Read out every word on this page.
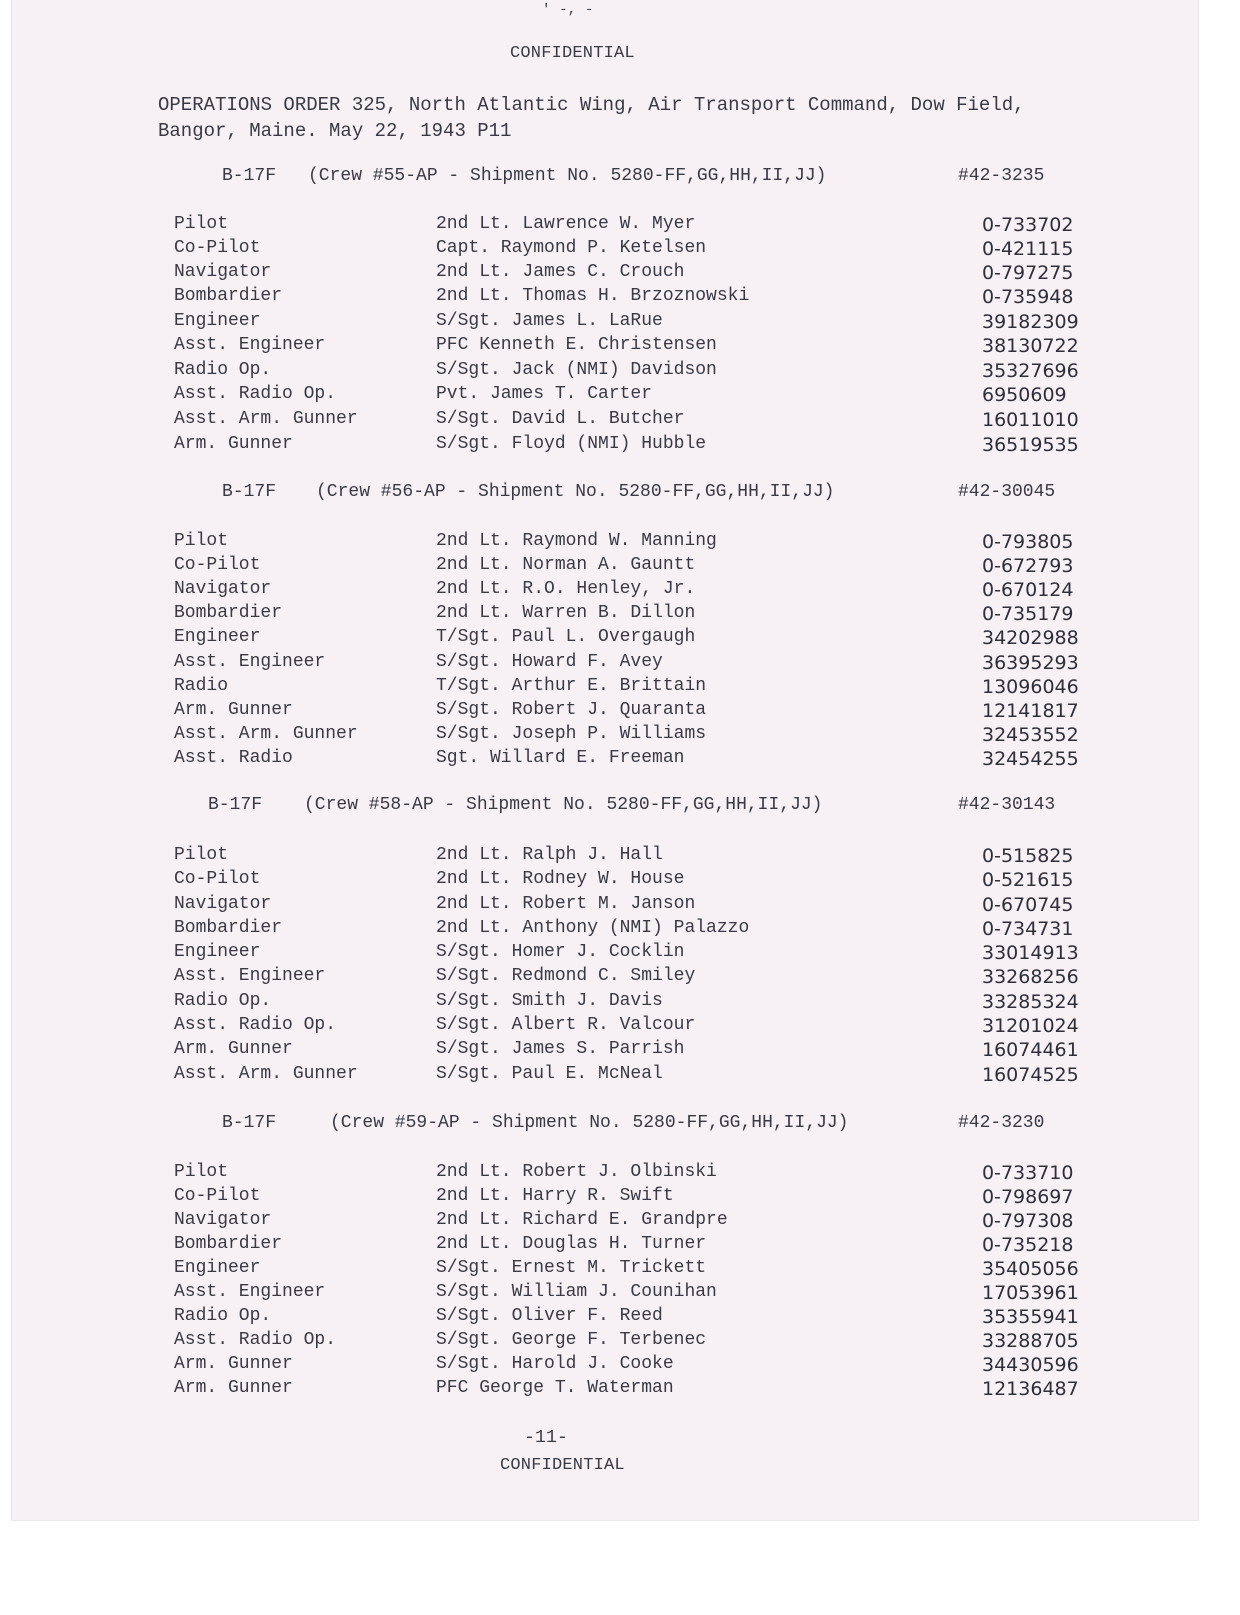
' -, -
CONFIDENTIAL
OPERATIONS ORDER 325, North Atlantic Wing, Air Transport Command, Dow Field,
Bangor, Maine. May 22, 1943 P11
B-17F (Crew #55-AP - Shipment No. 5280-FF,GG,HH,II,JJ)	#42-3235
Pilot	2nd Lt. Lawrence W. Myer	0-733702
Co-Pilot	Capt. Raymond P. Ketelsen	0-421115
Navigator	2nd Lt. James C. Crouch	0-797275
Bombardier	2nd Lt. Thomas H. Brzoznowski	0-735948
Engineer	S/Sgt. James L. LaRue	39182309
Asst. Engineer	PFC Kenneth E. Christensen	38130722
Radio Op.	S/Sgt. Jack (NMI) Davidson	35327696
Asst. Radio Op.	Pvt. James T. Carter	6950609
Asst. Arm. Gunner	S/Sgt. David L. Butcher	16011010
Arm. Gunner	S/Sgt. Floyd (NMI) Hubble	36519535
B-17F (Crew #56-AP - Shipment No. 5280-FF,GG,HH,II,JJ)	#42-30045
Pilot	2nd Lt. Raymond W. Manning	0-793805
Co-Pilot	2nd Lt. Norman A. Gauntt	0-672793
Navigator	2nd Lt. R.O. Henley, Jr.	0-670124
Bombardier	2nd Lt. Warren B. Dillon	0-735179
Engineer	T/Sgt. Paul L. Overgaugh	34202988
Asst. Engineer	S/Sgt. Howard F. Avey	36395293
Radio	T/Sgt. Arthur E. Brittain	13096046
Arm. Gunner	S/Sgt. Robert J. Quaranta	12141817
Asst. Arm. Gunner	S/Sgt. Joseph P. Williams	32453552
Asst. Radio	Sgt. Willard E. Freeman	32454255
B-17F (Crew #58-AP - Shipment No. 5280-FF,GG,HH,II,JJ)	#42-30143
Pilot	2nd Lt. Ralph J. Hall	0-515825
Co-Pilot	2nd Lt. Rodney W. House	0-521615
Navigator	2nd Lt. Robert M. Janson	0-670745
Bombardier	2nd Lt. Anthony (NMI) Palazzo	0-734731
Engineer	S/Sgt. Homer J. Cocklin	33014913
Asst. Engineer	S/Sgt. Redmond C. Smiley	33268256
Radio Op.	S/Sgt. Smith J. Davis	33285324
Asst. Radio Op.	S/Sgt. Albert R. Valcour	31201024
Arm. Gunner	S/Sgt. James S. Parrish	16074461
Asst. Arm. Gunner	S/Sgt. Paul E. McNeal	16074525
B-17F	(Crew #59-AP - Shipment No. 5280-FF,GG,HH,II,JJ)	#42-3230
Pilot	2nd Lt. Robert J. Olbinski	0-733710
Co-Pilot	2nd Lt. Harry R. Swift	0-798697
Navigator	2nd Lt. Richard E. Grandpre	0-797308
Bombardier	2nd Lt. Douglas H. Turner	0-735218
Engineer	S/Sgt. Ernest M. Trickett	35405056
Asst. Engineer	S/Sgt. William J. Counihan	17053961
Radio Op.	S/Sgt. Oliver F. Reed	35355941
Asst. Radio Op.	S/Sgt. George F. Terbenec	33288705
Arm. Gunner	S/Sgt. Harold J. Cooke	34430596
Arm. Gunner	PFC George T. Waterman	12136487
-11-
CONFIDENTIAL
